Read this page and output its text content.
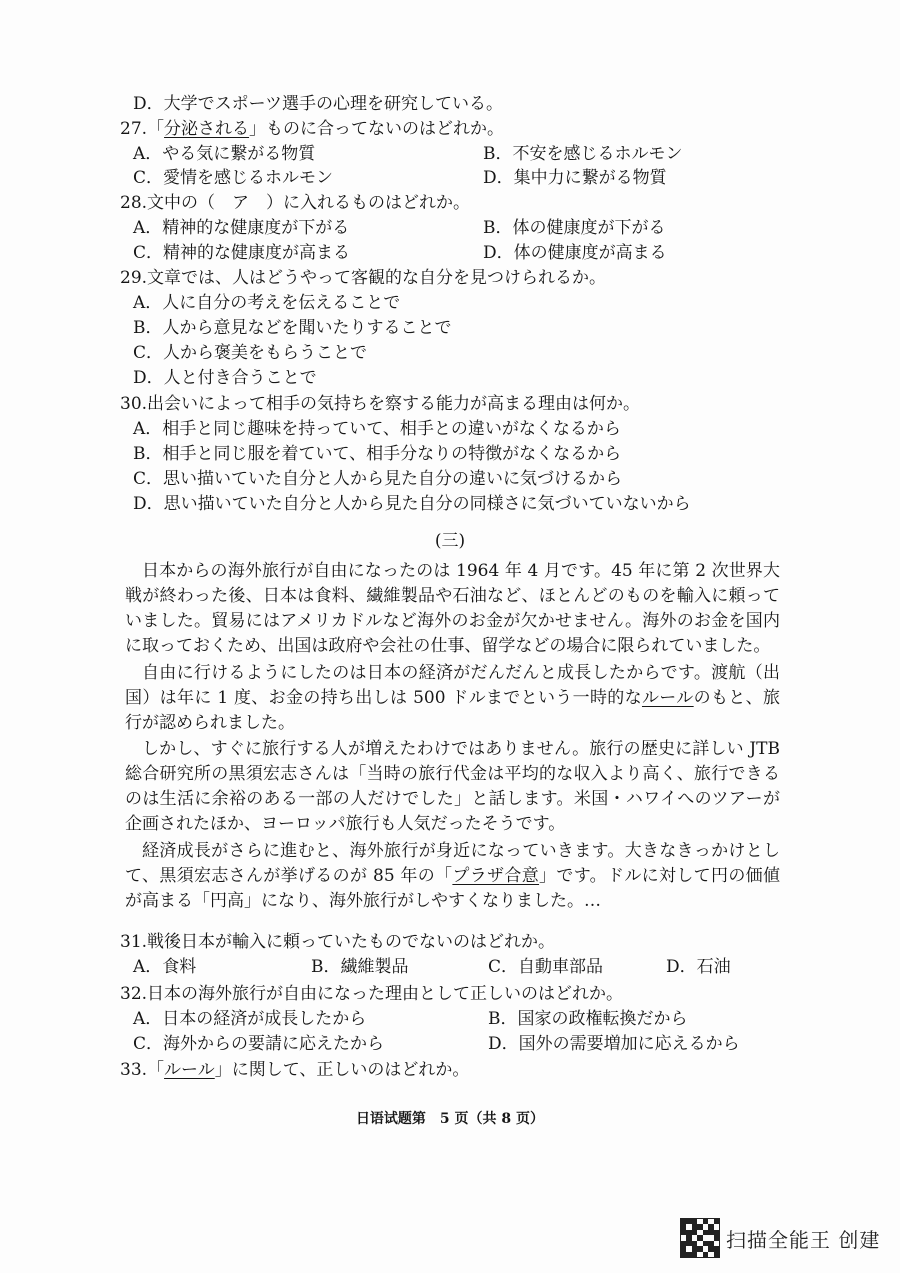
D．大学でスポーツ選手の心理を研究している。
27.「分泌される」ものに合ってないのはどれか。
A．やる気に繋がる物質	B．不安を感じるホルモン
C．愛情を感じるホルモン	D．集中力に繋がる物質
28.文中の（　ア　）に入れるものはどれか。
A．精神的な健康度が下がる	B．体の健康度が下がる
C．精神的な健康度が高まる	D．体の健康度が高まる
29.文章では、人はどうやって客観的な自分を見つけられるか。
A．人に自分の考えを伝えることで
B．人から意見などを聞いたりすることで
C．人から褒美をもらうことで
D．人と付き合うことで
30.出会いによって相手の気持ちを察する能力が高まる理由は何か。
A．相手と同じ趣味を持っていて、相手との違いがなくなるから
B．相手と同じ服を着ていて、相手分なりの特徴がなくなるから
C．思い描いていた自分と人から見た自分の違いに気づけるから
D．思い描いていた自分と人から見た自分の同様さに気づいていないから
(三)
日本からの海外旅行が自由になったのは 1964 年 4 月です。45 年に第 2 次世界大戦が終わった後、日本は食料、繊維製品や石油など、ほとんどのものを輸入に頼っていました。貿易にはアメリカドルなど海外のお金が欠かせません。海外のお金を国内に取っておくため、出国は政府や会社の仕事、留学などの場合に限られていました。
自由に行けるようにしたのは日本の経済がだんだんと成長したからです。渡航（出国）は年に 1 度、お金の持ち出しは 500 ドルまでという一時的なルールのもと、旅行が認められました。
しかし、すぐに旅行する人が増えたわけではありません。旅行の歴史に詳しい JTB 総合研究所の黒須宏志さんは「当時の旅行代金は平均的な収入より高く、旅行できるのは生活に余裕のある一部の人だけでした」と話します。米国・ハワイへのツアーが企画されたほか、ヨーロッパ旅行も人気だったそうです。
経済成長がさらに進むと、海外旅行が身近になっていきます。大きなきっかけとして、黒須宏志さんが挙げるのが 85 年の「プラザ合意」です。ドルに対して円の価値が高まる「円高」になり、海外旅行がしやすくなりました。…
31.戦後日本が輸入に頼っていたものでないのはどれか。
A．食料	B．繊維製品	C．自動車部品	D．石油
32.日本の海外旅行が自由になった理由として正しいのはどれか。
A．日本の経済が成長したから	B．国家の政権転換だから
C．海外からの要請に応えたから	D．国外の需要増加に応えるから
33.「ルール」に関して、正しいのはどれか。
日语试题第　5 页（共 8 页）
扫描全能王 创建
